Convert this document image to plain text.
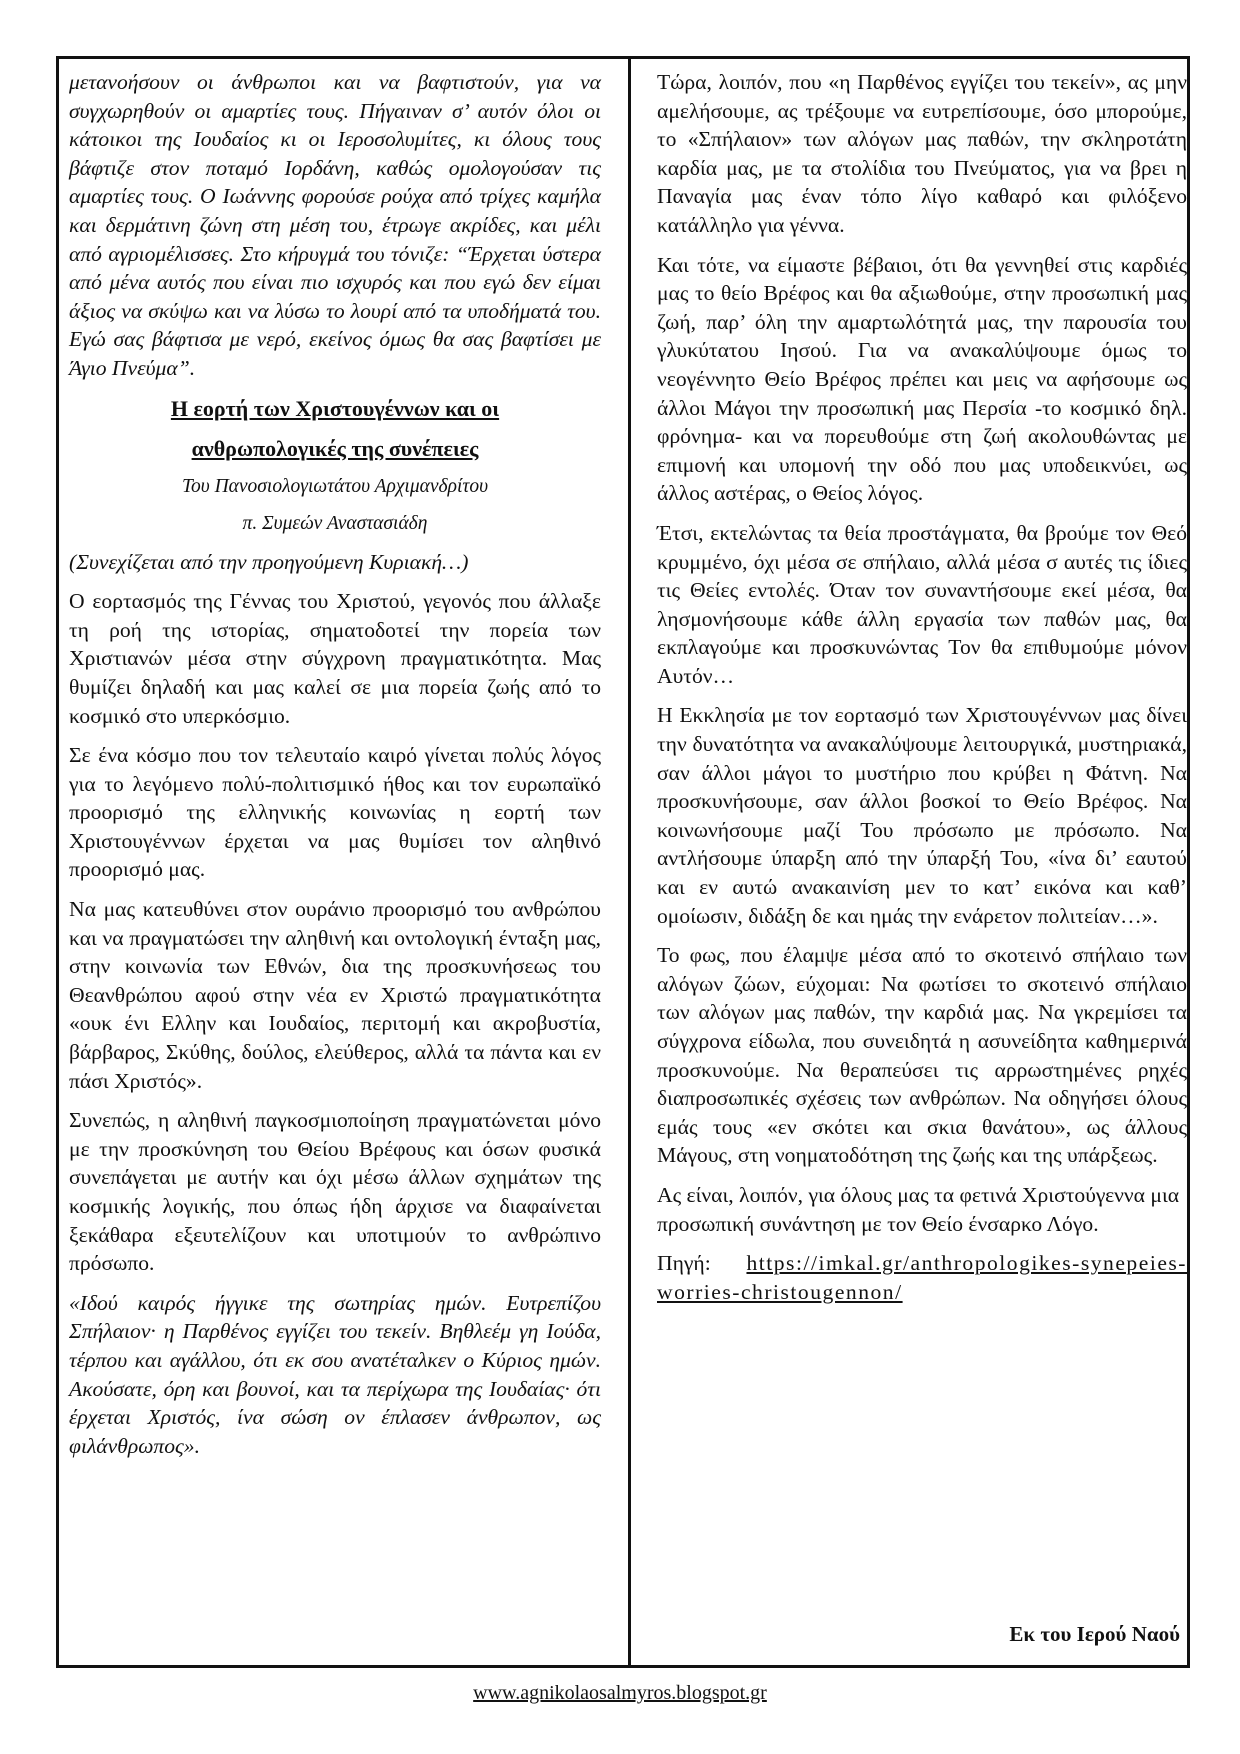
μετανοήσουν οι άνθρωποι και να βαφτιστούν, για να συγχωρηθούν οι αμαρτίες τους. Πήγαιναν σ’ αυτόν όλοι οι κάτοικοι της Ιουδαίος κι οι Ιεροσολυμίτες, κι όλους τους βάφτιζε στον ποταμό Ιορδάνη, καθώς ομολογούσαν τις αμαρτίες τους. Ο Ιωάννης φορούσε ρούχα από τρίχες καμήλα και δερμάτινη ζώνη στη μέση του, έτρωγε ακρίδες, και μέλι από αγριομέλισσες. Στο κήρυγμά του τόνιζε: “Έρχεται ύστερα από μένα αυτός που είναι πιο ισχυρός και που εγώ δεν είμαι άξιος να σκύψω και να λύσω το λουρί από τα υποδήματά του. Εγώ σας βάφτισα με νερό, εκείνος όμως θα σας βαφτίσει με Άγιο Πνεύμα”.

Η εορτή των Χριστουγέννων και οι

ανθρωπολογικές της συνέπειες

Του Πανοσιολογιωτάτου Αρχιμανδρίτου

π. Συμεών Αναστασιάδη

(Συνεχίζεται από την προηγούμενη Κυριακή…)

Ο εορτασμός της Γέννας του Χριστού, γεγονός που άλλαξε τη ροή της ιστορίας, σηματοδοτεί την πορεία των Χριστιανών μέσα στην σύγχρονη πραγματικότητα. Μας θυμίζει δηλαδή και μας καλεί σε μια πορεία ζωής από το κοσμικό στο υπερκόσμιο.

Σε ένα κόσμο που τον τελευταίο καιρό γίνεται πολύς λόγος για το λεγόμενο πολύ-πολιτισμικό ήθος και τον ευρωπαϊκό προορισμό της ελληνικής κοινωνίας η εορτή των Χριστουγέννων έρχεται να μας θυμίσει τον αληθινό προορισμό μας.

Να μας κατευθύνει στον ουράνιο προορισμό του ανθρώπου και να πραγματώσει την αληθινή και οντολογική ένταξη μας, στην κοινωνία των Εθνών, δια της προσκυνήσεως του Θεανθρώπου αφού στην νέα εν Χριστώ πραγματικότητα «ουκ ένι Ελλην και Ιουδαίος, περιτομή και ακροβυστία, βάρβαρος, Σκύθης, δούλος, ελεύθερος, αλλά τα πάντα και εν πάσι Χριστός».

Συνεπώς, η αληθινή παγκοσμιοποίηση πραγματώνεται μόνο με την προσκύνηση του Θείου Βρέφους και όσων φυσικά συνεπάγεται με αυτήν και όχι μέσω άλλων σχημάτων της κοσμικής λογικής, που όπως ήδη άρχισε να διαφαίνεται ξεκάθαρα εξευτελίζουν και υποτιμούν το ανθρώπινο πρόσωπο.

«Ιδού καιρός ήγγικε της σωτηρίας ημών. Ευτρεπίζου Σπήλαιον· η Παρθένος εγγίζει του τεκείν. Βηθλεέμ γη Ιούδα, τέρπου και αγάλλου, ότι εκ σου ανατέταλκεν ο Κύριος ημών. Ακούσατε, όρη και βουνοί, και τα περίχωρα της Ιουδαίας· ότι έρχεται Χριστός, ίνα σώση ον έπλασεν άνθρωπον, ως φιλάνθρωπος».

Τώρα, λοιπόν, που «η Παρθένος εγγίζει του τεκείν», ας μην αμελήσουμε, ας τρέξουμε να ευτρεπίσουμε, όσο μπορούμε, το «Σπήλαιον» των αλόγων μας παθών, την σκληροτάτη καρδία μας, με τα στολίδια του Πνεύματος, για να βρει η Παναγία μας έναν τόπο λίγο καθαρό και φιλόξενο κατάλληλο για γέννα.

Και τότε, να είμαστε βέβαιοι, ότι θα γεννηθεί στις καρδιές μας το θείο Βρέφος και θα αξιωθούμε, στην προσωπική μας ζωή, παρ’ όλη την αμαρτωλότητά μας, την παρουσία του γλυκύτατου Ιησού. Για να ανακαλύψουμε όμως το νεογέννητο Θείο Βρέφος πρέπει και μεις να αφήσουμε ως άλλοι Μάγοι την προσωπική μας Περσία -το κοσμικό δηλ. φρόνημα- και να πορευθούμε στη ζωή ακολουθώντας με επιμονή και υπομονή την οδό που μας υποδεικνύει, ως άλλος αστέρας, ο Θείος λόγος.

Έτσι, εκτελώντας τα θεία προστάγματα, θα βρούμε τον Θεό κρυμμένο, όχι μέσα σε σπήλαιο, αλλά μέσα σ αυτές τις ίδιες τις Θείες εντολές. Όταν τον συναντήσουμε εκεί μέσα, θα λησμονήσουμε κάθε άλλη εργασία των παθών μας, θα εκπλαγούμε και προσκυνώντας Τον θα επιθυμούμε μόνον Αυτόν…

Η Εκκλησία με τον εορτασμό των Χριστουγέννων μας δίνει την δυνατότητα να ανακαλύψουμε λειτουργικά, μυστηριακά, σαν άλλοι μάγοι το μυστήριο που κρύβει η Φάτνη. Να προσκυνήσουμε, σαν άλλοι βοσκοί το Θείο Βρέφος. Να κοινωνήσουμε μαζί Του πρόσωπο με πρόσωπο. Να αντλήσουμε ύπαρξη από την ύπαρξή Του, «ίνα δι’ εαυτού και εν αυτώ ανακαινίση μεν το κατ’ εικόνα και καθ’ ομοίωσιν, διδάξη δε και ημάς την ενάρετον πολιτείαν…».

Το φως, που έλαμψε μέσα από το σκοτεινό σπήλαιο των αλόγων ζώων, εύχομαι: Να φωτίσει το σκοτεινό σπήλαιο των αλόγων μας παθών, την καρδιά μας. Να γκρεμίσει τα σύγχρονα είδωλα, που συνειδητά η ασυνείδητα καθημερινά προσκυνούμε. Να θεραπεύσει τις αρρωστημένες ρηχές διαπροσωπικές σχέσεις των ανθρώπων. Να οδηγήσει όλους εμάς τους «εν σκότει και σκια θανάτου», ως άλλους Μάγους, στη νοηματοδότηση της ζωής και της υπάρξεως.

Ας είναι, λοιπόν, για όλους μας τα φετινά Χριστούγεννα μια προσωπική συνάντηση με τον Θείο ένσαρκο Λόγο.

Πηγή: https://imkal.gr/anthropologikes-synepeies-worries-christougennon/

Εκ του Ιερού Ναού
www.agnikolaosalmyros.blogspot.gr
